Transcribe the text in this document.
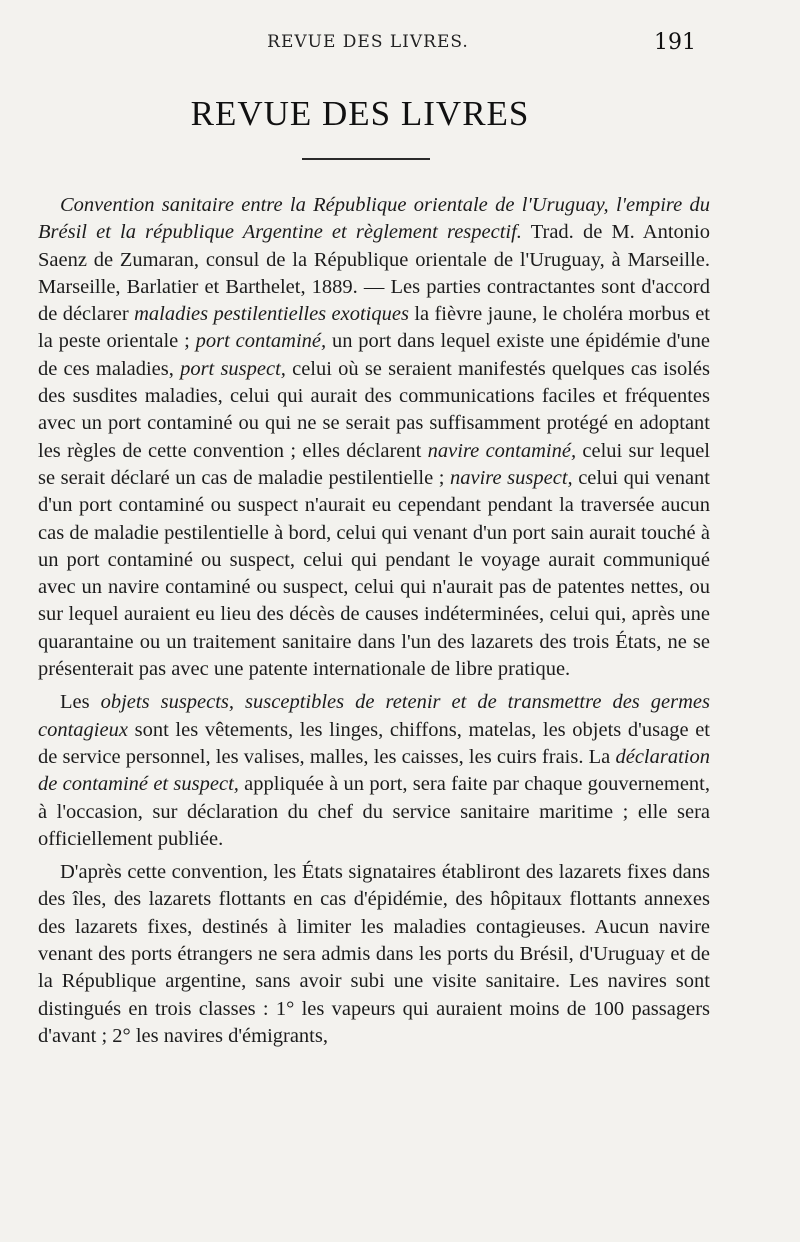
REVUE DES LIVRES.	191
REVUE DES LIVRES

Convention sanitaire entre la République orientale de l'Uruguay, l'empire du Brésil et la république Argentine et règlement respectif. Trad. de M. Antonio Saenz de Zumaran, consul de la République orientale de l'Uruguay, à Marseille. Marseille, Barlatier et Barthelet, 1889. — Les parties contractantes sont d'accord de déclarer maladies pestilentielles exotiques la fièvre jaune, le choléra morbus et la peste orientale ; port contaminé, un port dans lequel existe une épidémie d'une de ces maladies, port suspect, celui où se seraient manifestés quelques cas isolés des susdites maladies, celui qui aurait des communications faciles et fréquentes avec un port contaminé ou qui ne se serait pas suffisamment protégé en adoptant les règles de cette convention ; elles déclarent navire contaminé, celui sur lequel se serait déclaré un cas de maladie pestilentielle ; navire suspect, celui qui venant d'un port contaminé ou suspect n'aurait eu cependant pendant la traversée aucun cas de maladie pestilentielle à bord, celui qui venant d'un port sain aurait touché à un port contaminé ou suspect, celui qui pendant le voyage aurait communiqué avec un navire contaminé ou suspect, celui qui n'aurait pas de patentes nettes, ou sur lequel auraient eu lieu des décès de causes indéterminées, celui qui, après une quarantaine ou un traitement sanitaire dans l'un des lazarets des trois États, ne se présenterait pas avec une patente internationale de libre pratique.

Les objets suspects, susceptibles de retenir et de transmettre des germes contagieux sont les vêtements, les linges, chiffons, matelas, les objets d'usage et de service personnel, les valises, malles, les caisses, les cuirs frais. La déclaration de contaminé et suspect, appliquée à un port, sera faite par chaque gouvernement, à l'occasion, sur déclaration du chef du service sanitaire maritime ; elle sera officiellement publiée.

D'après cette convention, les États signataires établiront des lazarets fixes dans des îles, des lazarets flottants en cas d'épidémie, des hôpitaux flottants annexes des lazarets fixes, destinés à limiter les maladies contagieuses. Aucun navire venant des ports étrangers ne sera admis dans les ports du Brésil, d'Uruguay et de la République argentine, sans avoir subi une visite sanitaire. Les navires sont distingués en trois classes : 1° les vapeurs qui auraient moins de 100 passagers d'avant ; 2° les navires d'émigrants,
